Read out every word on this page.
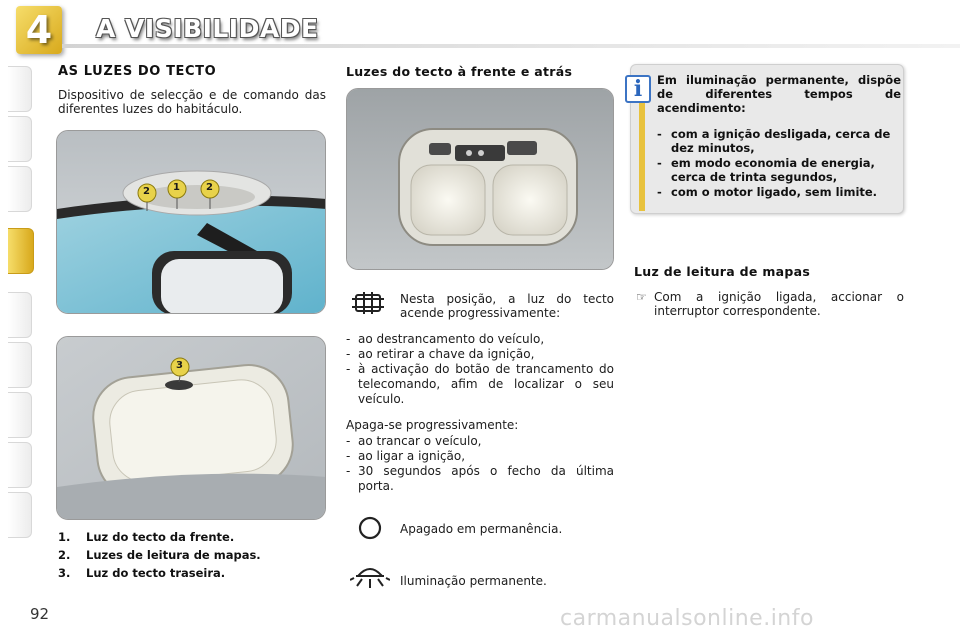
4	A VISIBILIDADE
AS LUZES DO TECTO
Dispositivo de selecção e de comando das diferentes luzes do habitáculo.
2 1	2
3
1. Luz do tecto da frente.
2. Luzes de leitura de mapas.
3. Luz do tecto traseira.
Luzes do tecto à frente e atrás
Nesta posição, a luz do tecto acende progressivamente:
- ao destrancamento do veículo,
- ao retirar a chave da ignição,
- à activação do botão de trancamento do telecomando, afim de localizar o seu veículo.
Apaga-se progressivamente:
- ao trancar o veículo,
- ao ligar a ignição,
- 30 segundos após o fecho da última porta.
Apagado em permanência.
Iluminação permanente.
i	Em iluminação permanente, dispõe de diferentes tempos de acendimento:
- com a ignição desligada, cerca de dez minutos,
- em modo economia de energia, cerca de trinta segundos,
- com o motor ligado, sem limite.
Luz de leitura de mapas
☞ Com a ignição ligada, accionar o interruptor correspondente.
92	carmanualsonline.info
